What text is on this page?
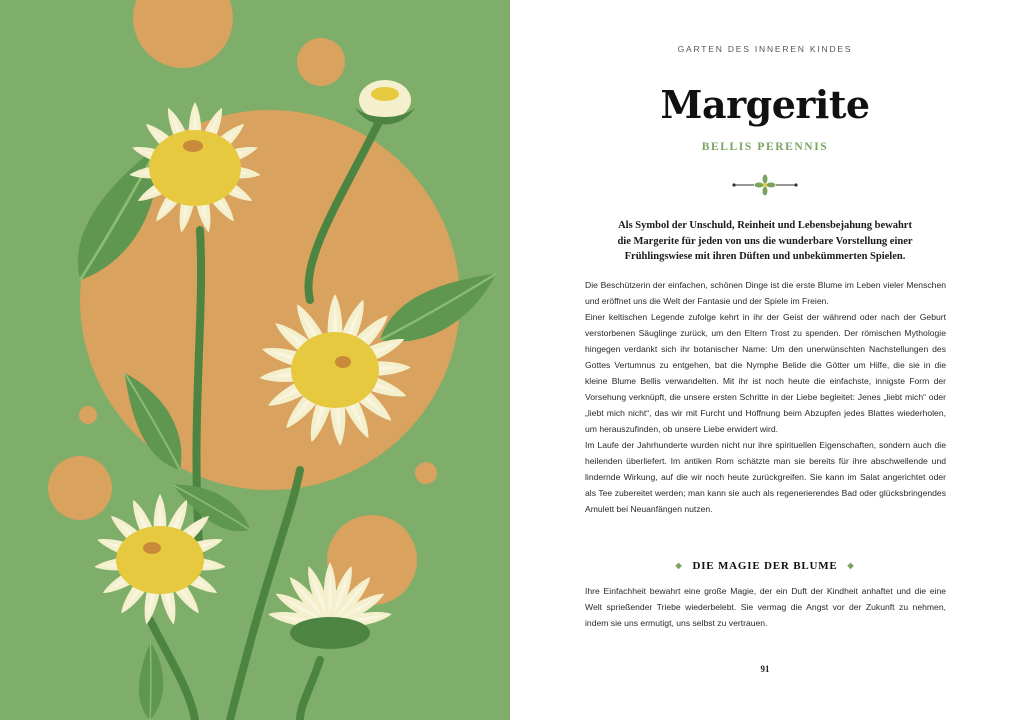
GARTEN DES INNEREN KINDES
Margerite
BELLIS PERENNIS
Als Symbol der Unschuld, Reinheit und Lebensbejahung bewahrt
die Margerite für jeden von uns die wunderbare Vorstellung einer
Frühlingswiese mit ihren Düften und unbekümmerten Spielen.

Die Beschützerin der einfachen, schönen Dinge ist die erste Blume im Leben vieler Menschen und eröffnet uns die Welt der Fantasie und der Spiele im Freien.

Einer keltischen Legende zufolge kehrt in ihr der Geist der während oder nach der Geburt verstorbenen Säuglinge zurück, um den Eltern Trost zu spenden. Der römischen Mythologie hingegen verdankt sich ihr botanischer Name: Um den unerwünschten Nachstellungen des Gottes Vertumnus zu entgehen, bat die Nymphe Belide die Götter um Hilfe, die sie in die kleine Blume Bellis verwandelten. Mit ihr ist noch heute die einfachste, innigste Form der Vorsehung verknüpft, die unsere ersten Schritte in der Liebe begleitet: Jenes „liebt mich“ oder „liebt mich nicht“, das wir mit Furcht und Hoffnung beim Abzupfen jedes Blattes wiederholen, um herauszufinden, ob unsere Liebe erwidert wird.

Im Laufe der Jahrhunderte wurden nicht nur ihre spirituellen Eigenschaften, sondern auch die heilenden überliefert. Im antiken Rom schätzte man sie bereits für ihre abschwellende und lindernde Wirkung, auf die wir noch heute zurückgreifen. Sie kann im Salat angerichtet oder als Tee zubereitet werden; man kann sie auch als regenerierendes Bad oder glücksbringendes Amulett bei Neuanfängen nutzen.

◆ DIE MAGIE DER BLUME ◆

Ihre Einfachheit bewahrt eine große Magie, der ein Duft der Kindheit anhaftet und die eine Welt sprießender Triebe wiederbelebt. Sie vermag die Angst vor der Zukunft zu nehmen, indem sie uns ermutigt, uns selbst zu vertrauen.

91
